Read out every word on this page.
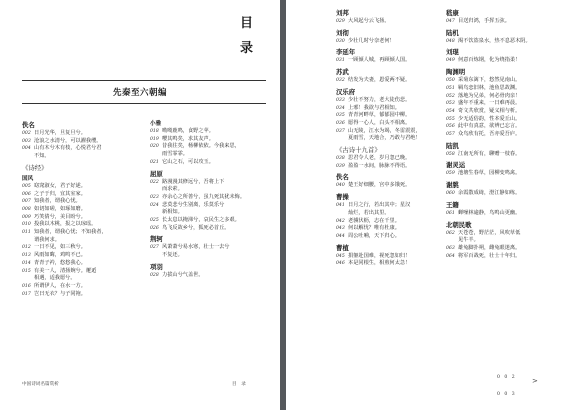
目
录
先秦至六朝编
佚名
002 日月光华，旦复旦兮。
003 沧浪之水清兮，可以濯我缨。
004 山有木兮木有枝，心悦君兮君
不知。
《诗经》
国风
005 窈窕淑女，君子好逑。
006 之子于归，宜其室家。
007 知我者，谓我心忧。
008 如切如磋，如琢如磨。
009 巧笑倩兮，美目盼兮。
010 投我以木桃，报之以琼瑶。
011 知我者，谓我心忧；不知我者，
谓我何求。
012 一日不见，如三秋兮。
013 风雨如晦，鸡鸣不已。
014 青青子衿，悠悠我心。
015 有美一人，清扬婉兮。邂逅
相遇，适我愿兮。
016 所谓伊人，在水一方。
017 岂曰无衣？与子同袍。
小雅
018 呦呦鹿鸣，食野之苹。
019 嘤其鸣矣，求其友声。
020 昔我往矣，杨柳依依。今我来思，
雨雪霏霏。
021 它山之石，可以攻玉。
屈原
022 路漫漫其修远兮，吾将上下
而求索。
023 亦余心之所善兮，虽九死其犹未悔。
024 悲莫悲兮生别离，乐莫乐兮
新相知。
025 长太息以掩涕兮，哀民生之多艰。
026 鸟飞反故乡兮，狐死必首丘。
荆轲
027 风萧萧兮易水寒，壮士一去兮
不复还。
项羽
028 力拔山兮气盖世。
中国诗词名篇赏析	目　录
刘邦
029 大风起兮云飞扬。
刘彻
030 少壮几时兮奈老何！
李延年
031 一顾倾人城，再顾倾人国。
苏武
032 结发为夫妻，恩爱两不疑。
汉乐府
033 少壮不努力，老大徒伤悲。
034 上邪！我欲与君相知。
035 青青河畔草，郁郁园中柳。
036 愿得一心人，白头不相离。
037 山无陵，江水为竭，冬雷震震，
夏雨雪，天地合，乃敢与君绝！
《古诗十九首》
038 思君令人老，岁月忽已晚。
039 盈盈一水间，脉脉不得语。
佚名
040 楚王好细腰，宫中多饿死。
曹操
041 日月之行，若出其中；星汉
灿烂，若出其里。
042 老骥伏枥，志在千里。
043 何以解忧？唯有杜康。
044 周公吐哺，天下归心。
曹植
045 捐躯赴国难，视死忽如归！
046 本是同根生，相煎何太急！
嵇康
047 目送归鸿，手挥五弦。
陆机
048 渴不饮盗泉水，热不息恶木阴。
刘琨
049 何意百炼钢，化为绕指柔！
陶渊明
050 采菊东篱下，悠然见南山。
051 羁鸟恋旧林，池鱼思故渊。
052 落地为兄弟，何必骨肉亲！
053 盛年不重来，一日难再晨。
054 奇文共欣赏，疑义相与析。
055 少无适俗韵，性本爱丘山。
056 此中有真意，欲辨已忘言。
057 众鸟欣有托，吾亦爱吾庐。
陆凯
058 江南无所有，聊赠一枝春。
谢灵运
059 池塘生春草，园柳变鸣禽。
谢朓
060 余霞散成绮，澄江静如练。
王籍
061 蝉噪林逾静，鸟鸣山更幽。
北朝民歌
062 天苍苍，野茫茫，风吹草低
见牛羊。
063 雄兔脚扑朔，雌兔眼迷离。
064 将军百战死，壮士十年归。
0 0 2
0 0 3
>
